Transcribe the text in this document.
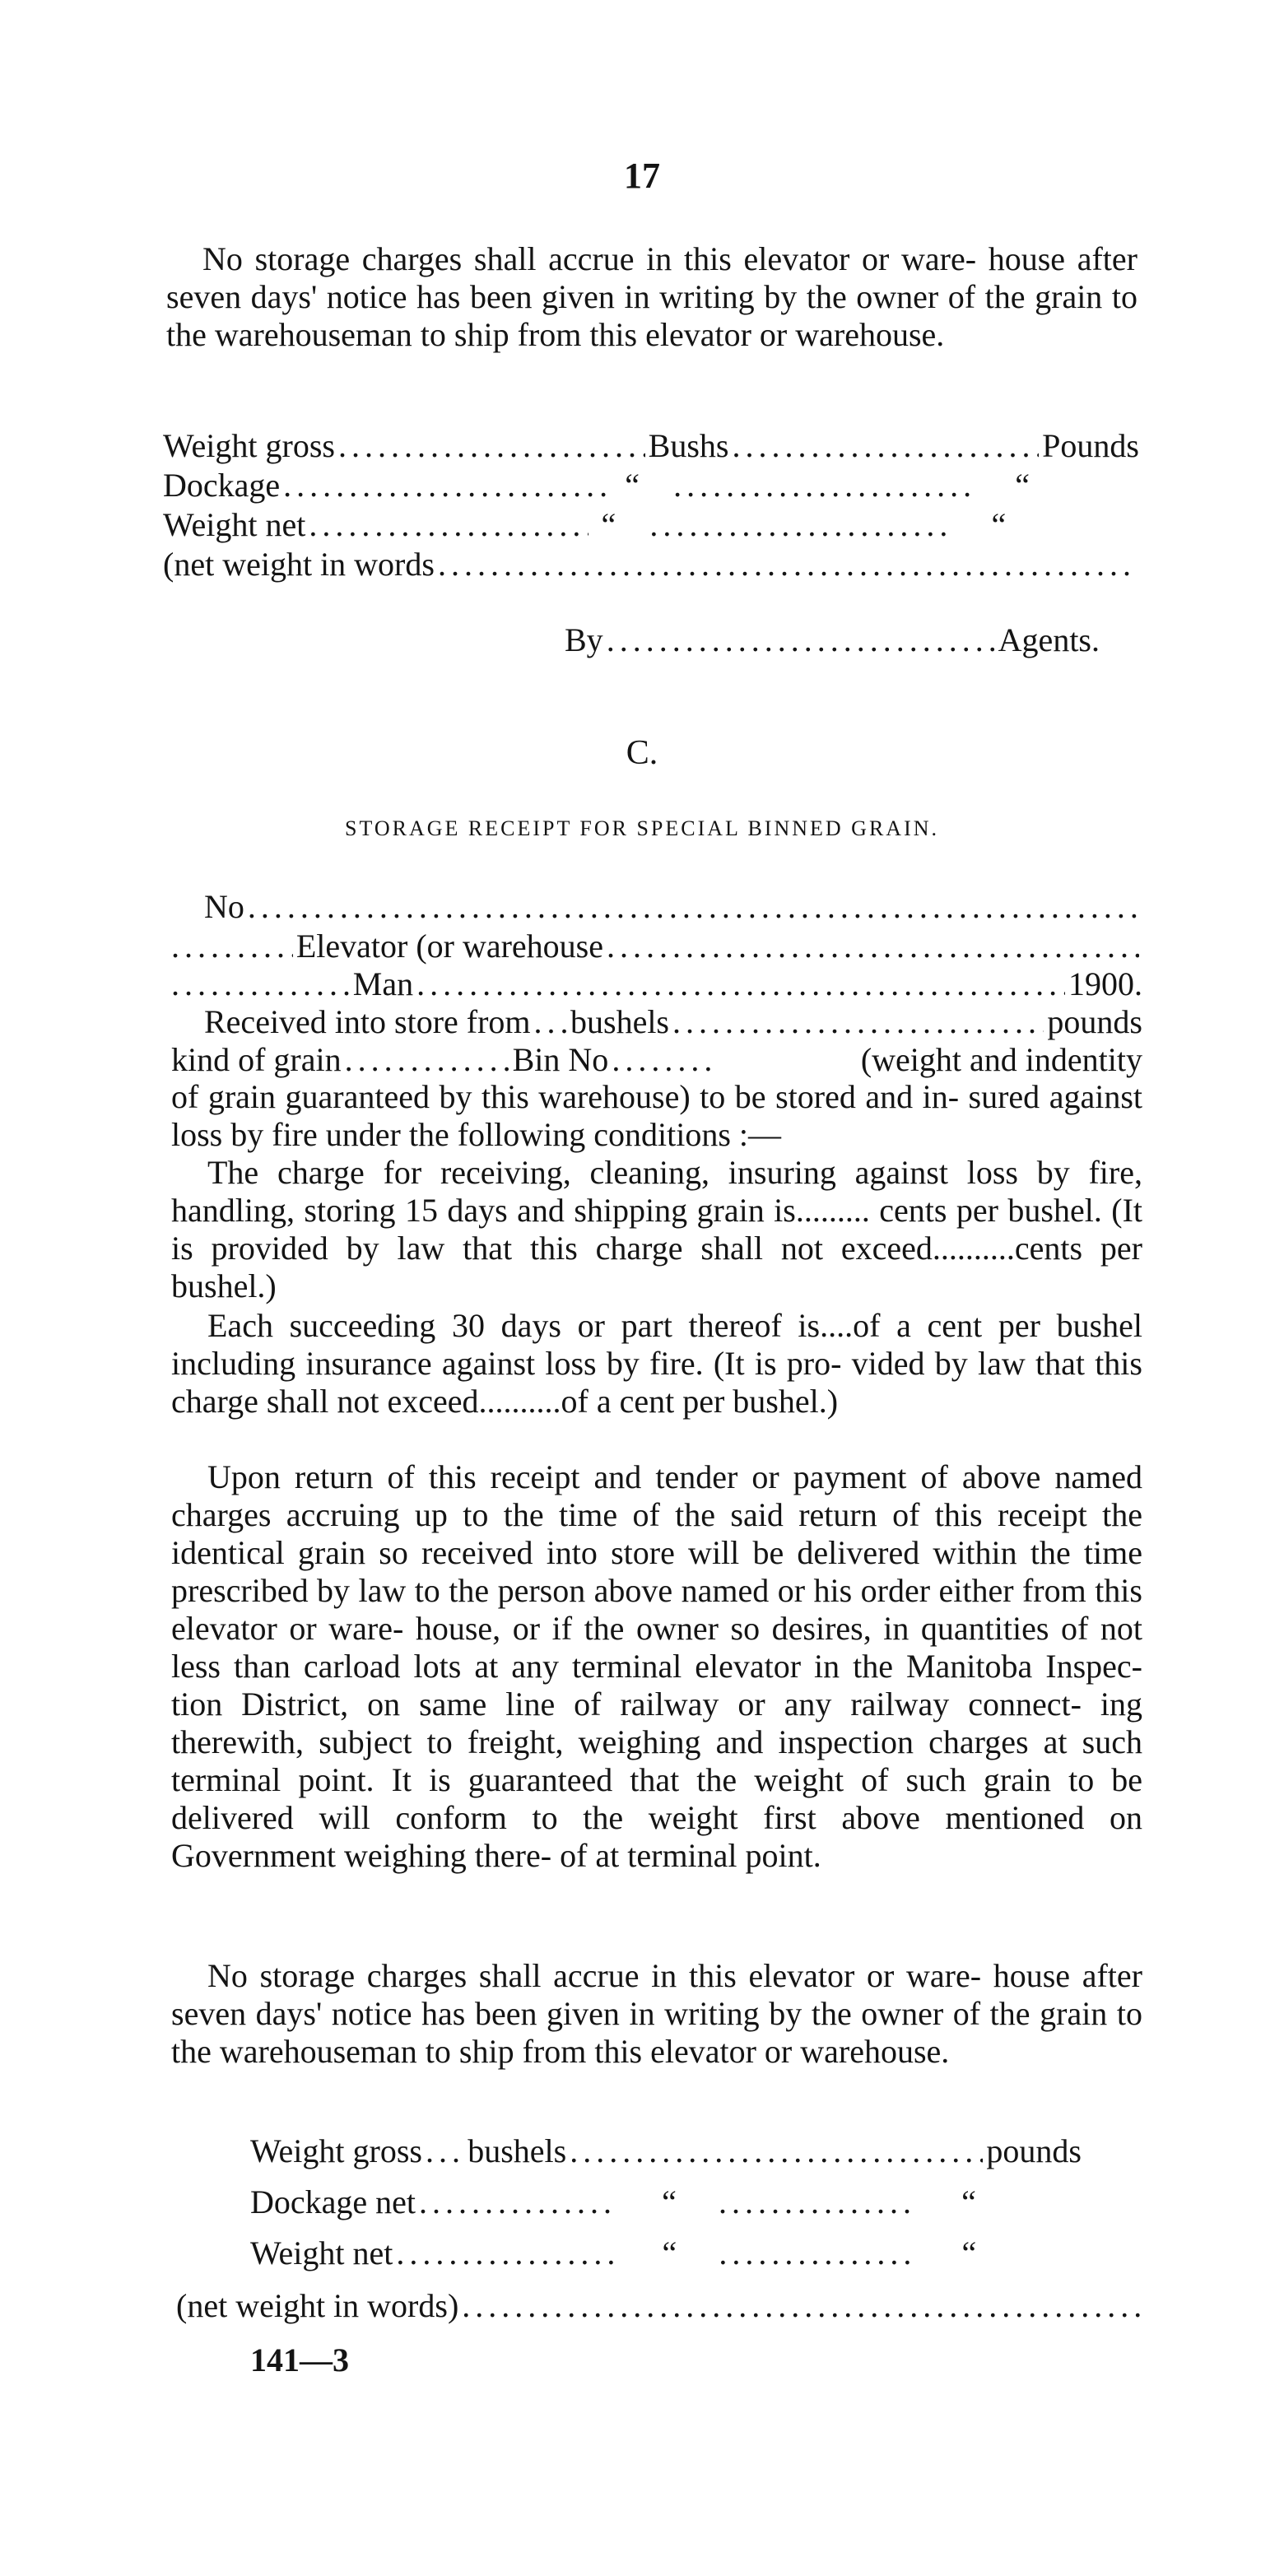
17

No storage charges shall accrue in this elevator or ware- house after seven days' notice has been given in writing by the owner of the grain to the warehouseman to ship from this elevator or warehouse.

Weight gross . . .	Bushs . . .	Pounds
Dockage . . .	“ . . .	“
Weight net . . .	“ . . .	“
(net weight in words
. . .
By . . .	Agents.
C.
STORAGE RECEIPT FOR SPECIAL BINNED GRAIN.
No
. . .
. . .
Elevator (or warehouse
. . .
. . .
Man . . .	1900.
Received into store from . . . bushels . . .	pounds
kind of grain . . .	Bin No . . .	(weight and indentity

of grain guaranteed by this warehouse) to be stored and in- sured against loss by fire under the following conditions :—

The charge for receiving, cleaning, insuring against loss by fire, handling, storing 15 days and shipping grain is......... cents per bushel. (It is provided by law that this charge shall not exceed..........cents per bushel.)

Each succeeding 30 days or part thereof is....of a cent per bushel including insurance against loss by fire. (It is pro- vided by law that this charge shall not exceed..........of a cent per bushel.)

Upon return of this receipt and tender or payment of above named charges accruing up to the time of the said return of this receipt the identical grain so received into store will be delivered within the time prescribed by law to the person above named or his order either from this elevator or ware- house, or if the owner so desires, in quantities of not less than carload lots at any terminal elevator in the Manitoba Inspec- tion District, on same line of railway or any railway connect- ing therewith, subject to freight, weighing and inspection charges at such terminal point. It is guaranteed that the weight of such grain to be delivered will conform to the weight first above mentioned on Government weighing there- of at terminal point.

No storage charges shall accrue in this elevator or ware- house after seven days' notice has been given in writing by the owner of the grain to the warehouseman to ship from this elevator or warehouse.

Weight gross . . . bushels . . .	pounds
Dockage net . . .	“ . . .	“
Weight net . . .	“ . . .	“
(net weight in words)
. . .
141—3
